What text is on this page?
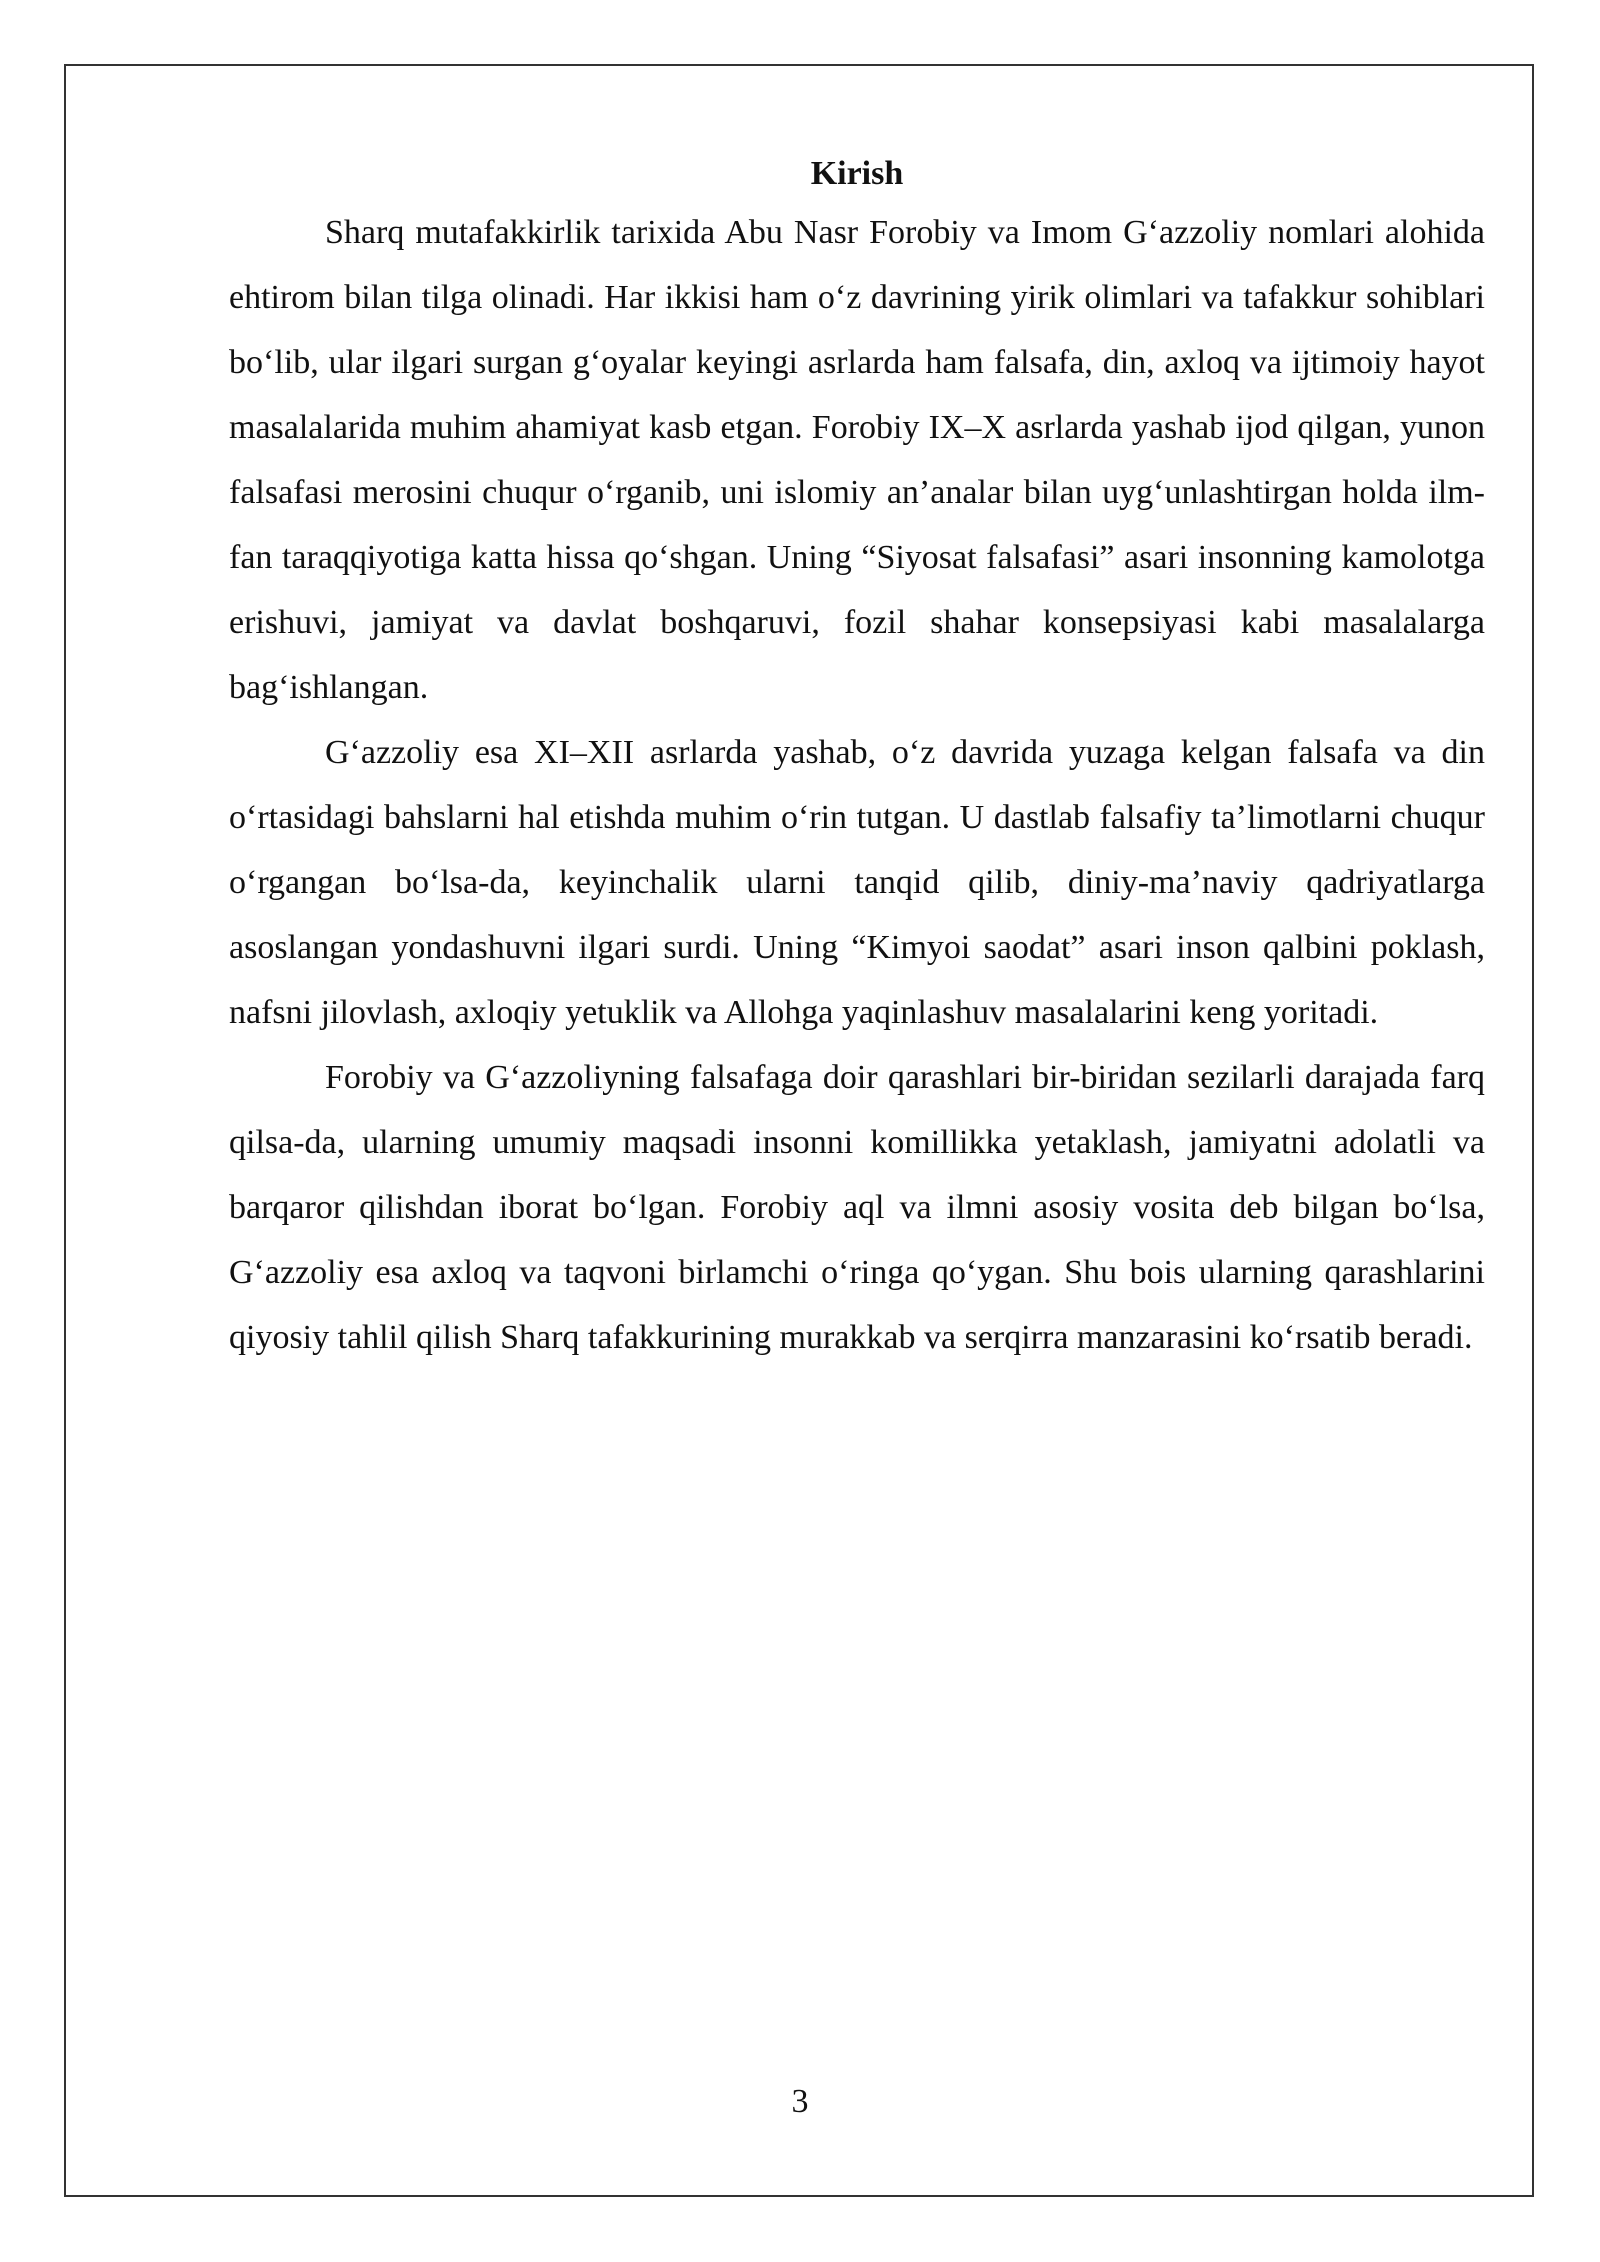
Kirish

Sharq mutafakkirlik tarixida Abu Nasr Forobiy va Imom G‘azzoliy nomlari alohida ehtirom bilan tilga olinadi. Har ikkisi ham o‘z davrining yirik olimlari va tafakkur sohiblari bo‘lib, ular ilgari surgan g‘oyalar keyingi asrlarda ham falsafa, din, axloq va ijtimoiy hayot masalalarida muhim ahamiyat kasb etgan. Forobiy IX–X asrlarda yashab ijod qilgan, yunon falsafasi merosini chuqur o‘rganib, uni islomiy an’analar bilan uyg‘unlashtirgan holda ilm-fan taraqqiyotiga katta hissa qo‘shgan. Uning “Siyosat falsafasi” asari insonning kamolotga erishuvi, jamiyat va davlat boshqaruvi, fozil shahar konsepsiyasi kabi masalalarga bag‘ishlangan.

G‘azzoliy esa XI–XII asrlarda yashab, o‘z davrida yuzaga kelgan falsafa va din o‘rtasidagi bahslarni hal etishda muhim o‘rin tutgan. U dastlab falsafiy ta’limotlarni chuqur o‘rgangan bo‘lsa-da, keyinchalik ularni tanqid qilib, diniy-ma’naviy qadriyatlarga asoslangan yondashuvni ilgari surdi. Uning “Kimyoi saodat” asari inson qalbini poklash, nafsni jilovlash, axloqiy yetuklik va Allohga yaqinlashuv masalalarini keng yoritadi.

Forobiy va G‘azzoliyning falsafaga doir qarashlari bir-biridan sezilarli darajada farq qilsa-da, ularning umumiy maqsadi insonni komillikka yetaklash, jamiyatni adolatli va barqaror qilishdan iborat bo‘lgan. Forobiy aql va ilmni asosiy vosita deb bilgan bo‘lsa, G‘azzoliy esa axloq va taqvoni birlamchi o‘ringa qo‘ygan. Shu bois ularning qarashlarini qiyosiy tahlil qilish Sharq tafakkurining murakkab va serqirra manzarasini ko‘rsatib beradi.

3
